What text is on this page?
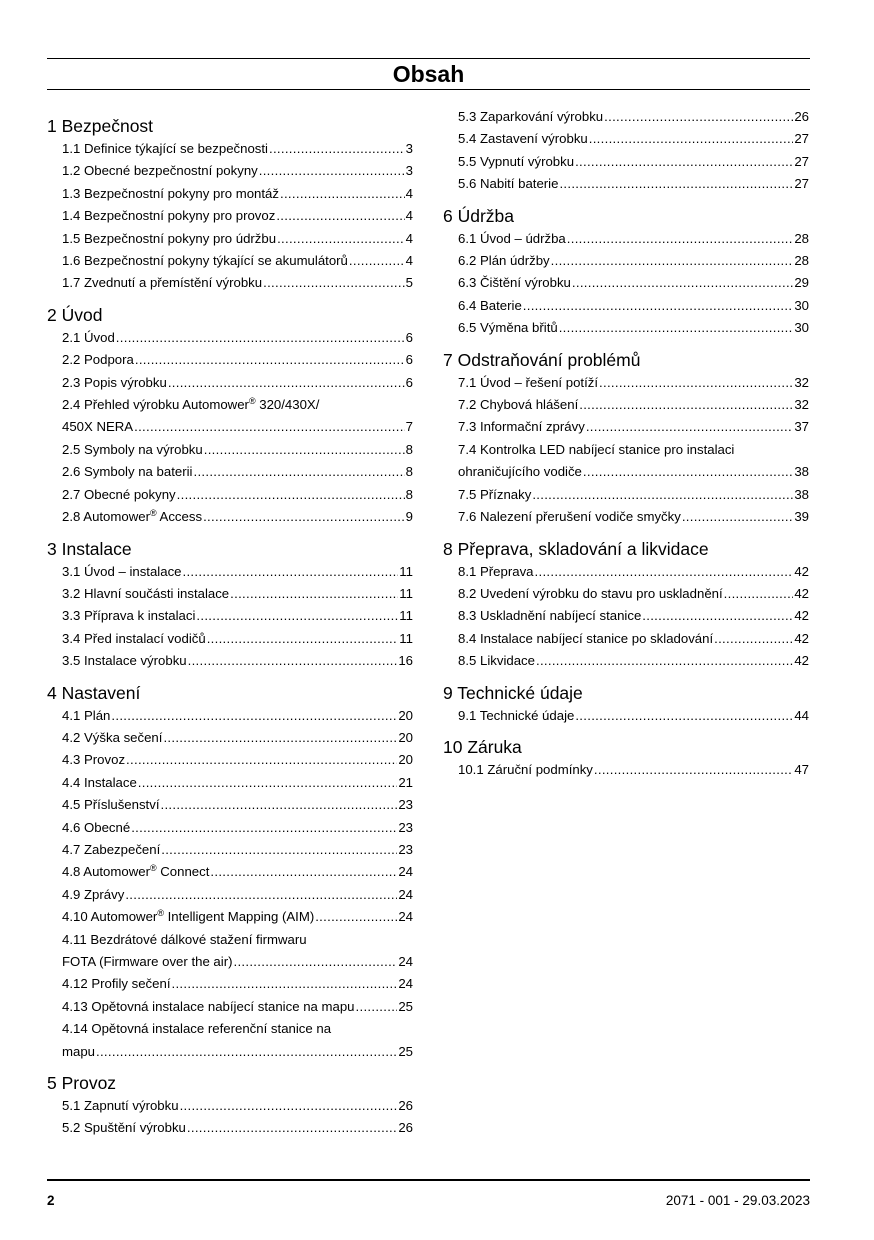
Obsah
1 Bezpečnost
1.1 Definice týkající se bezpečnosti .....	3
1.2 Obecné bezpečnostní pokyny .....	3
1.3 Bezpečnostní pokyny pro montáž .....	4
1.4 Bezpečnostní pokyny pro provoz .....	4
1.5 Bezpečnostní pokyny pro údržbu .....	4
1.6 Bezpečnostní pokyny týkající se akumulátorů .....	4
1.7 Zvednutí a přemístění výrobku .....	5
2 Úvod
2.1 Úvod .....	6
2.2 Podpora .....	6
2.3 Popis výrobku .....	6
2.4 Přehled výrobku Automower® 320/430X/
450X NERA .....	7
2.5 Symboly na výrobku .....	8
2.6 Symboly na baterii .....	8
2.7 Obecné pokyny .....	8
2.8 Automower® Access .....	9
3 Instalace
3.1 Úvod – instalace .....	11
3.2 Hlavní součásti instalace .....	11
3.3 Příprava k instalaci .....	11
3.4 Před instalací vodičů .....	11
3.5 Instalace výrobku .....	16
4 Nastavení
4.1 Plán .....	20
4.2 Výška sečení .....	20
4.3 Provoz .....	20
4.4 Instalace .....	21
4.5 Příslušenství .....	23
4.6 Obecné .....	23
4.7 Zabezpečení .....	23
4.8 Automower® Connect .....	24
4.9 Zprávy .....	24
4.10 Automower® Intelligent Mapping (AIM) .....	24
4.11 Bezdrátové dálkové stažení firmwaru
FOTA (Firmware over the air) .....	24
4.12 Profily sečení .....	24
4.13 Opětovná instalace nabíjecí stanice na mapu .....	25
4.14 Opětovná instalace referenční stanice na
mapu .....	25
5 Provoz
5.1 Zapnutí výrobku .....	26
5.2 Spuštění výrobku .....	26
5.3 Zaparkování výrobku .....	26
5.4 Zastavení výrobku .....	27
5.5 Vypnutí výrobku .....	27
5.6 Nabití baterie .....	27
6 Údržba
6.1 Úvod – údržba .....	28
6.2 Plán údržby .....	28
6.3 Čištění výrobku .....	29
6.4 Baterie .....	30
6.5 Výměna břitů .....	30
7 Odstraňování problémů
7.1 Úvod – řešení potíží .....	32
7.2 Chybová hlášení .....	32
7.3 Informační zprávy .....	37
7.4 Kontrolka LED nabíjecí stanice pro instalaci
ohraničujícího vodiče .....	38
7.5 Příznaky .....	38
7.6 Nalezení přerušení vodiče smyčky .....	39
8 Přeprava, skladování a likvidace
8.1 Přeprava .....	42
8.2 Uvedení výrobku do stavu pro uskladnění .....	42
8.3 Uskladnění nabíjecí stanice .....	42
8.4 Instalace nabíjecí stanice po skladování .....	42
8.5 Likvidace .....	42
9 Technické údaje
9.1 Technické údaje .....	44
10 Záruka
10.1 Záruční podmínky .....	47
2	2071 - 001 - 29.03.2023
